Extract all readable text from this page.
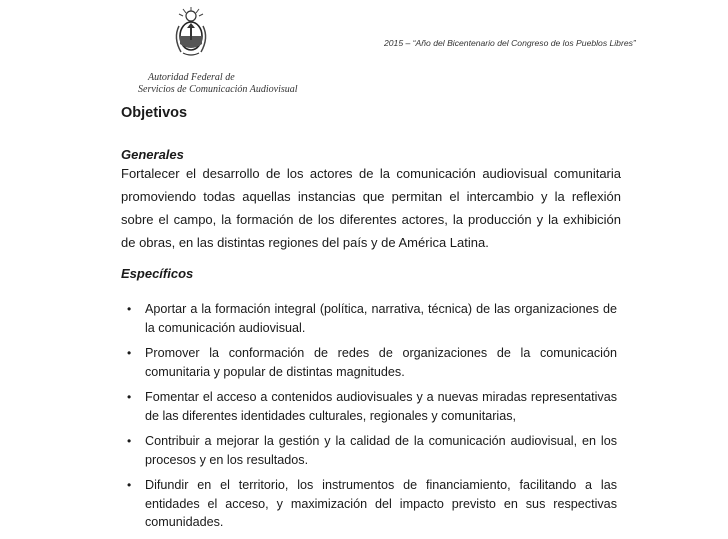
Autoridad Federal de
Servicios de Comunicación Audiovisual
2015 – “Año del Bicentenario del Congreso de los Pueblos Libres”
Objetivos
Generales

Fortalecer el desarrollo de los actores de la comunicación audiovisual comunitaria promoviendo todas aquellas instancias que permitan el intercambio y la reflexión sobre el campo, la formación de los diferentes actores, la producción y la exhibición de obras, en las distintas regiones del país y de América Latina.

Específicos
• Aportar a la formación integral (política, narrativa, técnica) de las organizaciones de la comunicación audiovisual.
• Promover la conformación de redes de organizaciones de la comunicación comunitaria y popular de distintas magnitudes.
• Fomentar el acceso a contenidos audiovisuales y a nuevas miradas representativas de las diferentes identidades culturales, regionales y comunitarias,
• Contribuir a mejorar la gestión y la calidad de la comunicación audiovisual, en los procesos y en los resultados.
• Difundir en el territorio, los instrumentos de financiamiento, facilitando a las entidades el acceso, y maximización del impacto previsto en sus respectivas comunidades.
